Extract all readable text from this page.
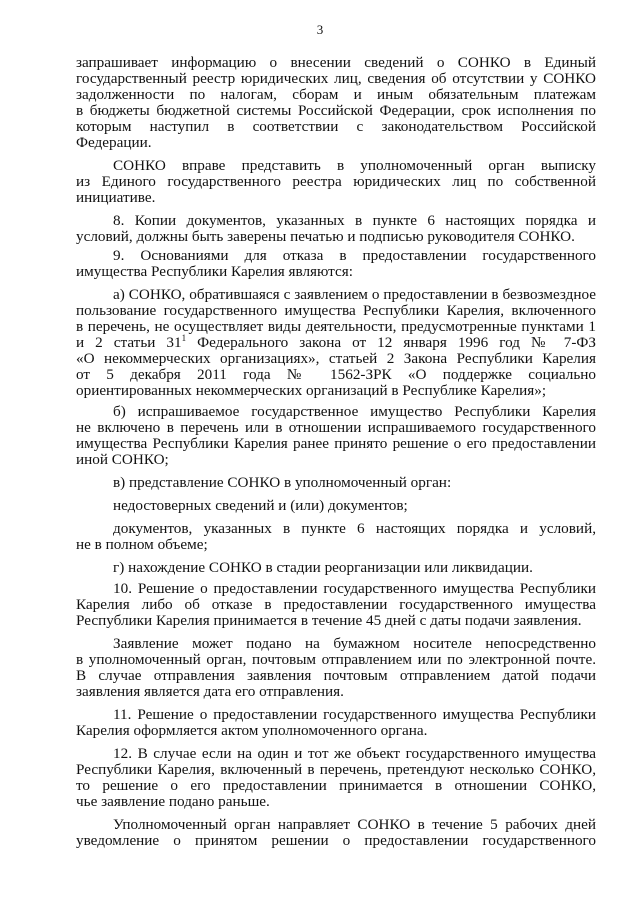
3
запрашивает информацию о внесении сведений о СОНКО в Единый
государственный реестр юридических лиц, сведения об отсутствии у СОНКО
задолженности по налогам, сборам и иным обязательным платежам
в бюджеты бюджетной системы Российской Федерации, срок исполнения по
которым наступил в соответствии с законодательством Российской
Федерации.
СОНКО вправе представить в уполномоченный орган выписку
из Единого государственного реестра юридических лиц по собственной
инициативе.
8. Копии документов, указанных в пункте 6 настоящих порядка и
условий, должны быть заверены печатью и подписью руководителя СОНКО.
9. Основаниями для отказа в предоставлении государственного
имущества Республики Карелия являются:
а) СОНКО, обратившаяся с заявлением о предоставлении в безвозмездное
пользование государственного имущества Республики Карелия, включенного
в перечень, не осуществляет виды деятельности, предусмотренные пунктами 1
и 2 статьи $31^1$ Федерального закона от 12 января 1996 год № 7-ФЗ
«О некоммерческих организациях», статьей 2 Закона Республики Карелия
от 5 декабря 2011 года № 1562-ЗРК «О поддержке социально
ориентированных некоммерческих организаций в Республике Карелия»;
б) испрашиваемое государственное имущество Республики Карелия
не включено в перечень или в отношении испрашиваемого государственного
имущества Республики Карелия ранее принято решение о его предоставлении
иной СОНКО;
в) представление СОНКО в уполномоченный орган:
недостоверных сведений и (или) документов;
документов, указанных в пункте 6 настоящих порядка и условий,
не в полном объеме;
г) нахождение СОНКО в стадии реорганизации или ликвидации.
10. Решение о предоставлении государственного имущества Республики
Карелия либо об отказе в предоставлении государственного имущества
Республики Карелия принимается в течение 45 дней с даты подачи заявления.
Заявление может подано на бумажном носителе непосредственно
в уполномоченный орган, почтовым отправлением или по электронной почте.
В случае отправления заявления почтовым отправлением датой подачи
заявления является дата его отправления.
11. Решение о предоставлении государственного имущества Республики
Карелия оформляется актом уполномоченного органа.
12. В случае если на один и тот же объект государственного имущества
Республики Карелия, включенный в перечень, претендуют несколько СОНКО,
то решение о его предоставлении принимается в отношении СОНКО,
чье заявление подано раньше.
Уполномоченный орган направляет СОНКО в течение 5 рабочих дней
уведомление о принятом решении о предоставлении государственного
